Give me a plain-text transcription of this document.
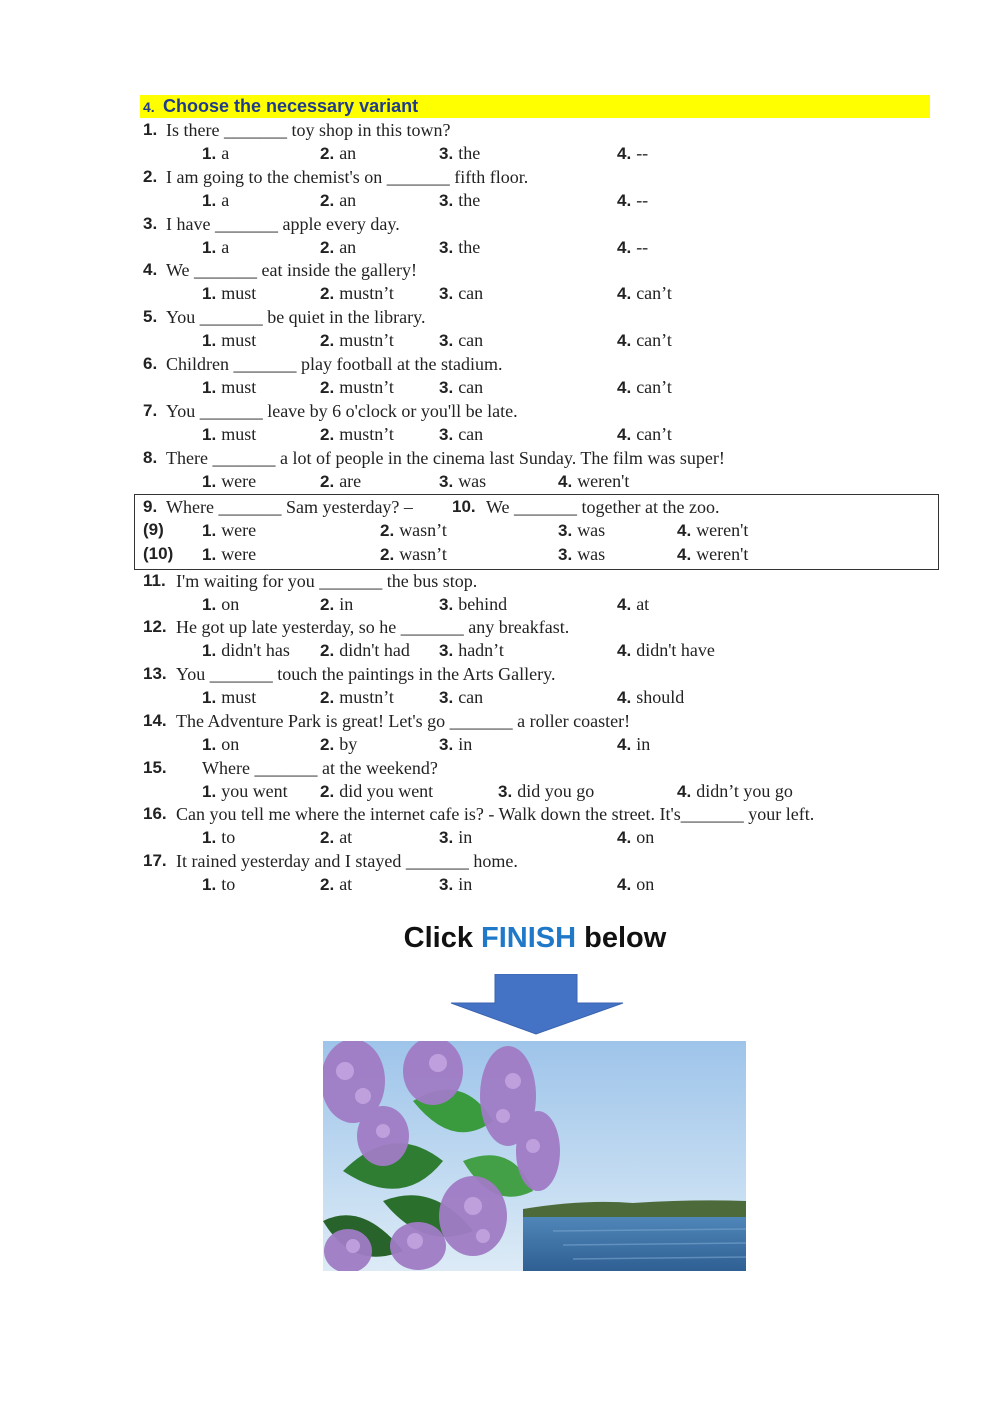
4. Choose the necessary variant
1. Is there _______ toy shop in this town?
1. a	2. an	3. the	4. --
2. I am going to the chemist's on _______ fifth floor.
1. a	2. an	3. the	4. --
3. I have _______ apple every day.
1. a	2. an	3. the	4. --
4. We _______ eat inside the gallery!
1. must	2. mustn’t	3. can	4. can’t
5. You _______ be quiet in the library.
1. must	2. mustn’t	3. can	4. can’t
6. Children _______ play football at the stadium.
1. must	2. mustn’t	3. can	4. can’t
7. You _______ leave by 6 o'clock or you'll be late.
1. must	2. mustn’t	3. can	4. can’t
8. There _______ a lot of people in the cinema last Sunday. The film was super!
1. were	2. are	3. was	4. weren't
9. Where _______ Sam yesterday? – 10. We _______ together at the zoo.
(9) 1. were	2. wasn’t	3. was	4. weren't
(10) 1. were	2. wasn’t	3. was	4. weren't
11. I'm waiting for you _______ the bus stop.
1. on	2. in	3. behind	4. at
12. He got up late yesterday, so he _______ any breakfast.
1. didn't has 2. didn't had 3. hadn’t	4. didn't have
13. You _______ touch the paintings in the Arts Gallery.
1. must	2. mustn’t	3. can	4. should
14. The Adventure Park is great! Let's go _______ a roller coaster!
1. on	2. by	3. in	4. in
15. Where _______ at the weekend?
1. you went 2. did you went	3. did you go	4. didn’t you go
16. Can you tell me where the internet cafe is? - Walk down the street. It's_______ your left.
1. to	2. at	3. in	4. on
17. It rained yesterday and I stayed _______ home.
1. to	2. at	3. in	4. on
Click FINISH below
